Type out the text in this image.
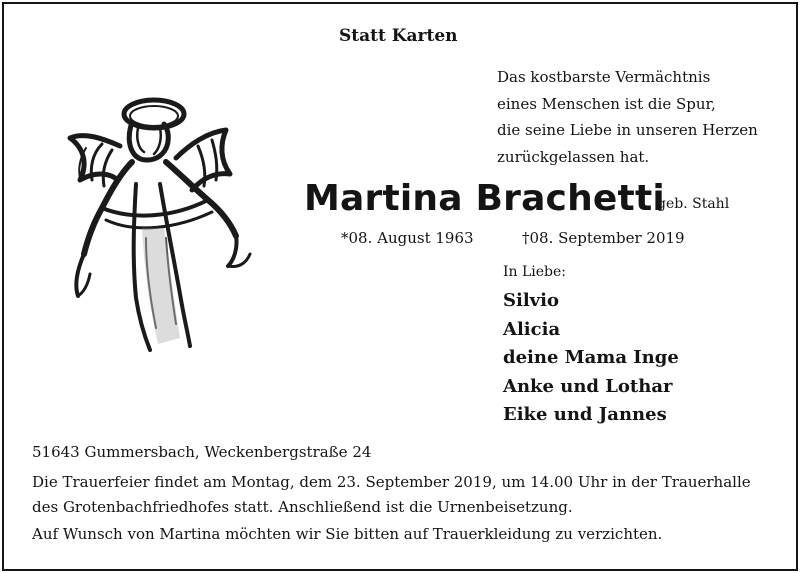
Statt Karten
Das kostbarste Vermächtnis
eines Menschen ist die Spur,
die seine Liebe in unseren Herzen
zurückgelassen hat.
Martina Brachetti
geb. Stahl
*08. August 1963	†08. September 2019
In Liebe:
Silvio
Alicia
deine Mama Inge
Anke und Lothar
Eike und Jannes
51643 Gummersbach, Weckenbergstraße 24
Die Trauerfeier findet am Montag, dem 23. September 2019, um 14.00 Uhr in der Trauerhalle
des Grotenbachfriedhofes statt. Anschließend ist die Urnenbeisetzung.
Auf Wunsch von Martina möchten wir Sie bitten auf Trauerkleidung zu verzichten.
